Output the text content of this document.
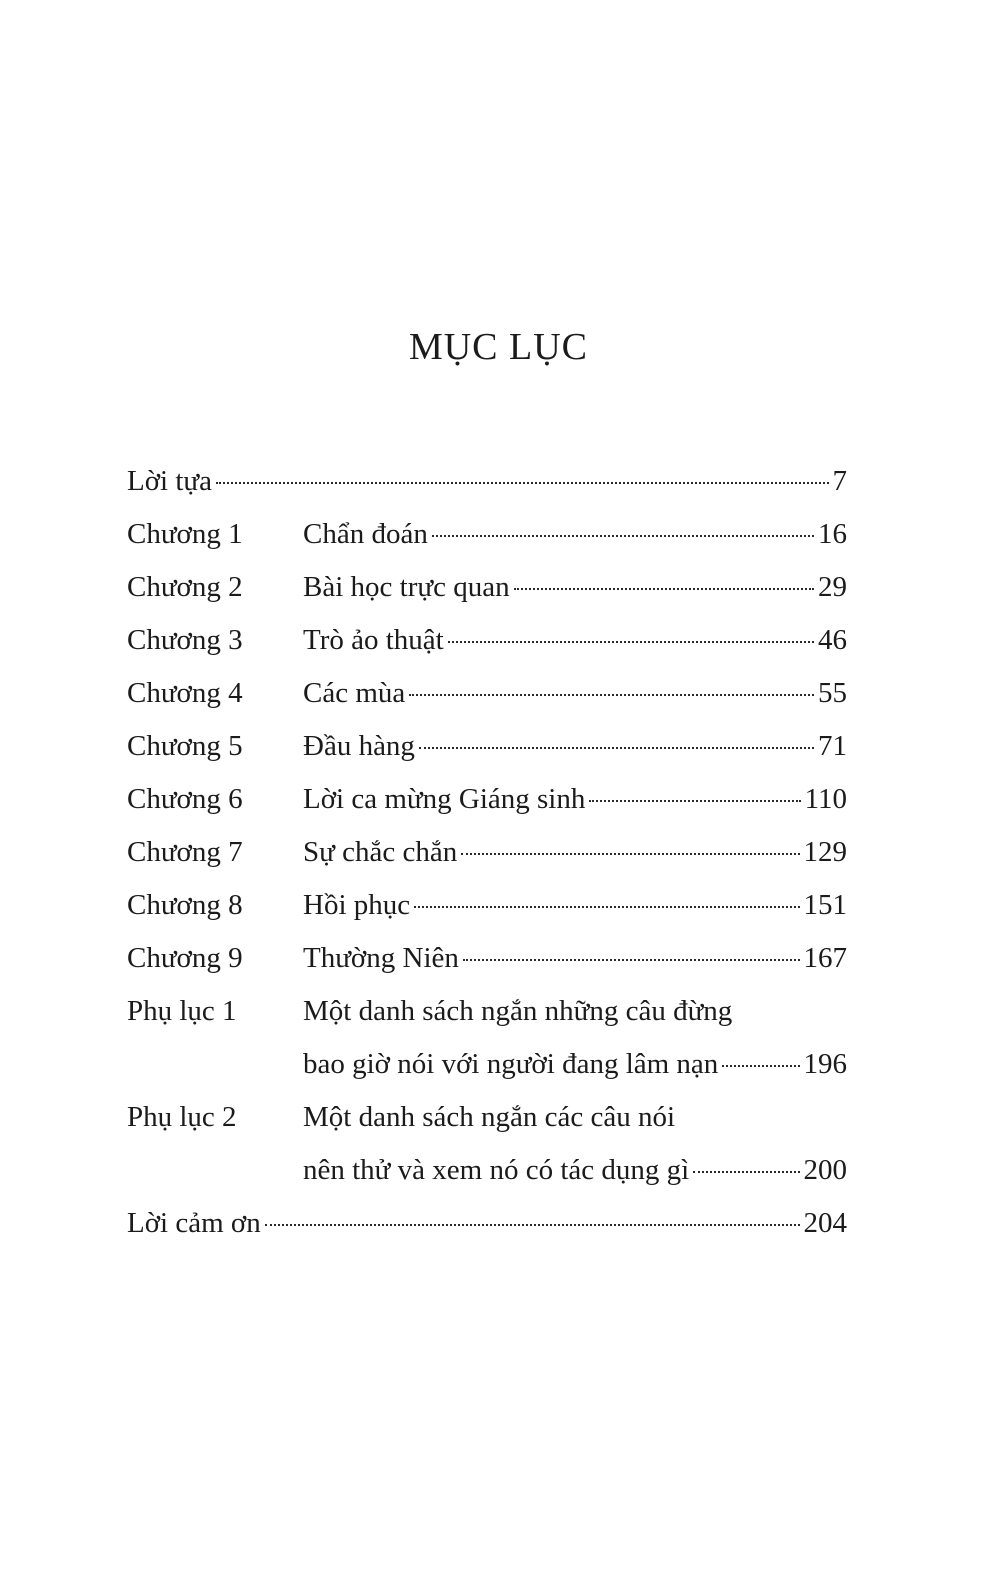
MỤC LỤC
Lời tựa	7
Chương 1	Chẩn đoán	16
Chương 2	Bài học trực quan	29
Chương 3	Trò ảo thuật	46
Chương 4	Các mùa	55
Chương 5	Đầu hàng	71
Chương 6	Lời ca mừng Giáng sinh	110
Chương 7	Sự chắc chắn	129
Chương 8	Hồi phục	151
Chương 9	Thường Niên	167
Phụ lục 1	Một danh sách ngắn những câu đừng
bao giờ nói với người đang lâm nạn	196
Phụ lục 2	Một danh sách ngắn các câu nói
nên thử và xem nó có tác dụng gì	200
Lời cảm ơn	204
